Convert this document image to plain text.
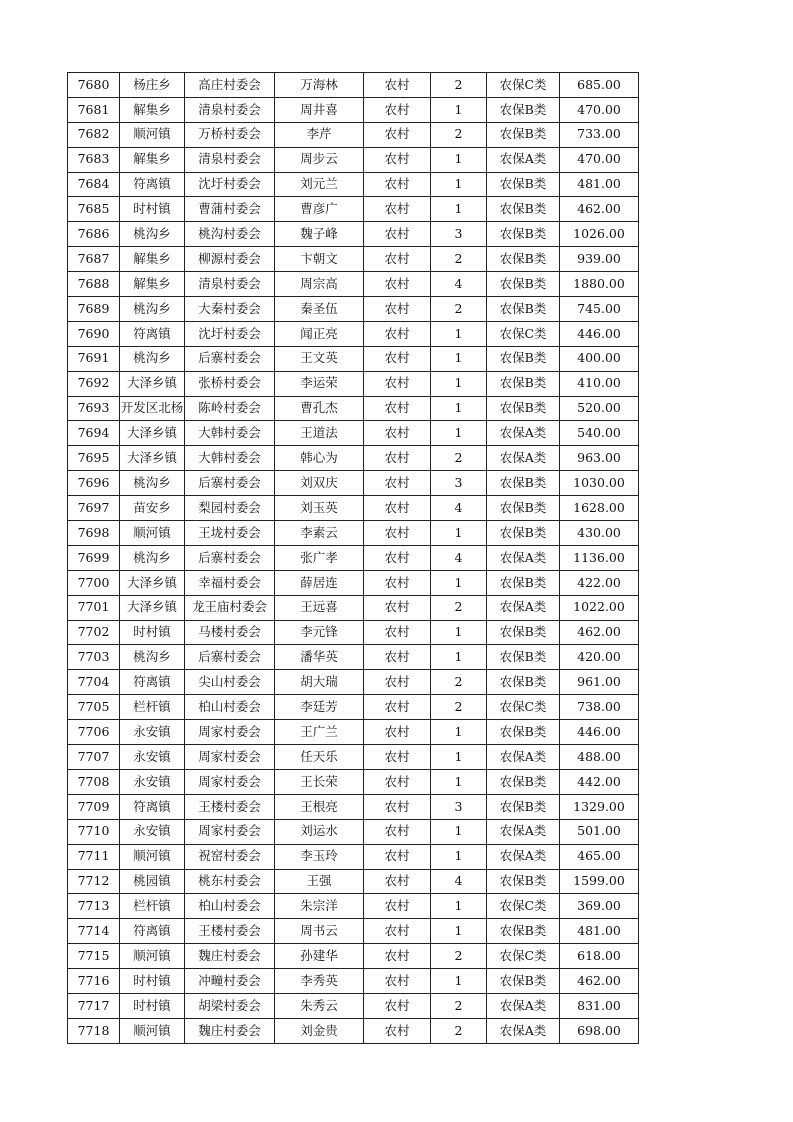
7680	杨庄乡	高庄村委会	万海林	农村	2	农保C类	685.00
7681	解集乡	清泉村委会	周井喜	农村	1	农保B类	470.00
7682	顺河镇	万桥村委会	李芹	农村	2	农保B类	733.00
7683	解集乡	清泉村委会	周步云	农村	1	农保A类	470.00
7684	符离镇	沈圩村委会	刘元兰	农村	1	农保B类	481.00
7685	时村镇	曹蒲村委会	曹彦广	农村	1	农保B类	462.00
7686	桃沟乡	桃沟村委会	魏子峰	农村	3	农保B类	1026.00
7687	解集乡	柳源村委会	卞朝文	农村	2	农保B类	939.00
7688	解集乡	清泉村委会	周宗高	农村	4	农保B类	1880.00
7689	桃沟乡	大秦村委会	秦圣伍	农村	2	农保B类	745.00
7690	符离镇	沈圩村委会	闻正亮	农村	1	农保C类	446.00
7691	桃沟乡	后寨村委会	王文英	农村	1	农保B类	400.00
7692	大泽乡镇	张桥村委会	李运荣	农村	1	农保B类	410.00
7693	开发区北杨	陈岭村委会	曹孔杰	农村	1	农保B类	520.00
7694	大泽乡镇	大韩村委会	王道法	农村	1	农保A类	540.00
7695	大泽乡镇	大韩村委会	韩心为	农村	2	农保A类	963.00
7696	桃沟乡	后寨村委会	刘双庆	农村	3	农保B类	1030.00
7697	苗安乡	梨园村委会	刘玉英	农村	4	农保B类	1628.00
7698	顺河镇	王垅村委会	李素云	农村	1	农保B类	430.00
7699	桃沟乡	后寨村委会	张广孝	农村	4	农保A类	1136.00
7700	大泽乡镇	幸福村委会	薛居连	农村	1	农保B类	422.00
7701	大泽乡镇	龙王庙村委会	王远喜	农村	2	农保A类	1022.00
7702	时村镇	马楼村委会	李元锋	农村	1	农保B类	462.00
7703	桃沟乡	后寨村委会	潘华英	农村	1	农保B类	420.00
7704	符离镇	尖山村委会	胡大瑞	农村	2	农保B类	961.00
7705	栏杆镇	柏山村委会	李廷芳	农村	2	农保C类	738.00
7706	永安镇	周家村委会	王广兰	农村	1	农保B类	446.00
7707	永安镇	周家村委会	任天乐	农村	1	农保A类	488.00
7708	永安镇	周家村委会	王长荣	农村	1	农保B类	442.00
7709	符离镇	王楼村委会	王根亮	农村	3	农保B类	1329.00
7710	永安镇	周家村委会	刘运水	农村	1	农保A类	501.00
7711	顺河镇	祝窑村委会	李玉玲	农村	1	农保A类	465.00
7712	桃园镇	桃东村委会	王强	农村	4	农保B类	1599.00
7713	栏杆镇	柏山村委会	朱宗洋	农村	1	农保C类	369.00
7714	符离镇	王楼村委会	周书云	农村	1	农保B类	481.00
7715	顺河镇	魏庄村委会	孙建华	农村	2	农保C类	618.00
7716	时村镇	冲疃村委会	李秀英	农村	1	农保B类	462.00
7717	时村镇	胡梁村委会	朱秀云	农村	2	农保A类	831.00
7718	顺河镇	魏庄村委会	刘金贵	农村	2	农保A类	698.00
